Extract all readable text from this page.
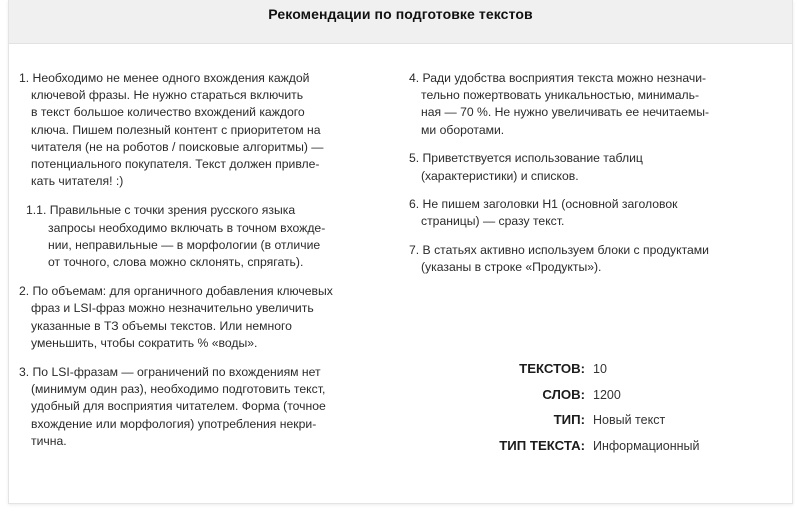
Рекомендации по подготовке текстов
1. Необходимо не менее одного вхождения каждой
ключевой фразы. Не нужно стараться включить
в текст большое количество вхождений каждого
ключа. Пишем полезный контент с приоритетом на
читателя (не на роботов / поисковые алгоритмы) —
потенциального покупателя. Текст должен привле-
кать читателя! :)
1.1. Правильные с точки зрения русского языка
запросы необходимо включать в точном вхожде-
нии, неправильные — в морфологии (в отличие
от точного, слова можно склонять, спрягать).
2. По объемам: для органичного добавления ключевых
фраз и LSI-фраз можно незначительно увеличить
указанные в ТЗ объемы текстов. Или немного
уменьшить, чтобы сократить % «воды».
3. По LSI-фразам — ограничений по вхождениям нет
(минимум один раз), необходимо подготовить текст,
удобный для восприятия читателем. Форма (точное
вхождение или морфология) употребления некри-
тична.
4. Ради удобства восприятия текста можно незначи-
тельно пожертвовать уникальностью, минималь-
ная — 70 %. Не нужно увеличивать ее нечитаемы-
ми оборотами.
5. Приветствуется использование таблиц
(характеристики) и списков.
6. Не пишем заголовки Н1 (основной заголовок
страницы) — сразу текст.
7. В статьях активно используем блоки с продуктами
(указаны в строке «Продукты»).
ТЕКСТОВ: 10
СЛОВ: 1200
ТИП: Новый текст
ТИП ТЕКСТА: Информационный
